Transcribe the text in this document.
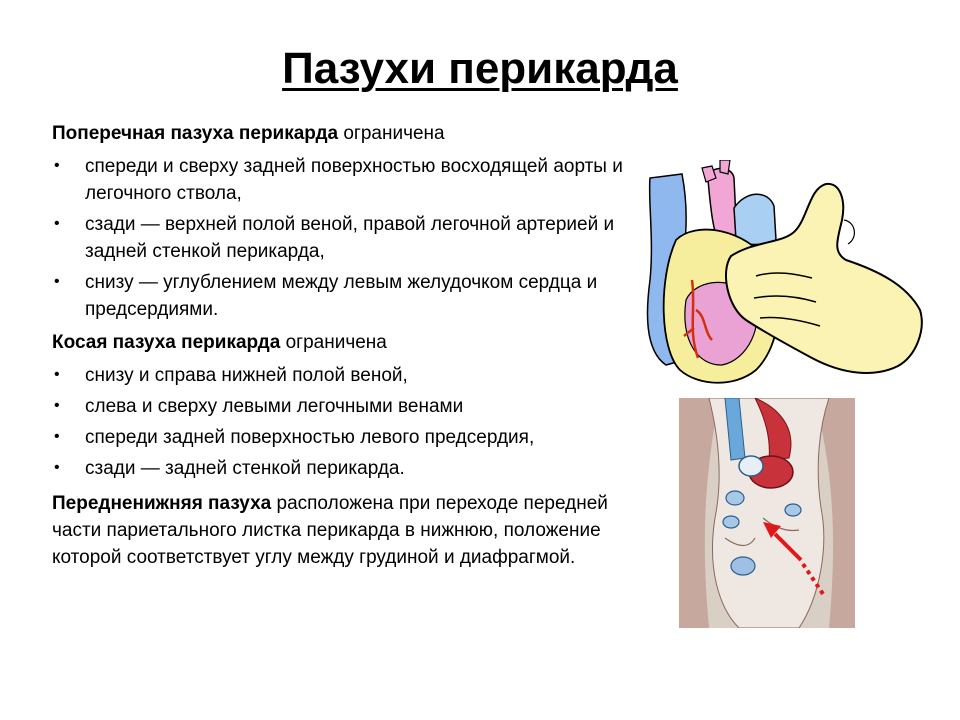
Пазухи перикарда

Поперечная пазуха перикарда ограничена

• спереди и сверху задней поверхностью восходящей аорты и легочного ствола,
• сзади — верхней полой веной, правой легочной артерией и задней стенкой перикарда,
• снизу — углублением между левым желудочком сердца и предсердиями.

Косая пазуха перикарда ограничена

• снизу и справа нижней полой веной,
• слева и сверху левыми легочными венами
• спереди задней поверхностью левого предсердия,
• сзади — задней стенкой перикарда.

Передненижняя пазуха расположена при переходе передней части париетального листка перикарда в нижнюю, положение которой соответствует углу между грудиной и диафрагмой.
